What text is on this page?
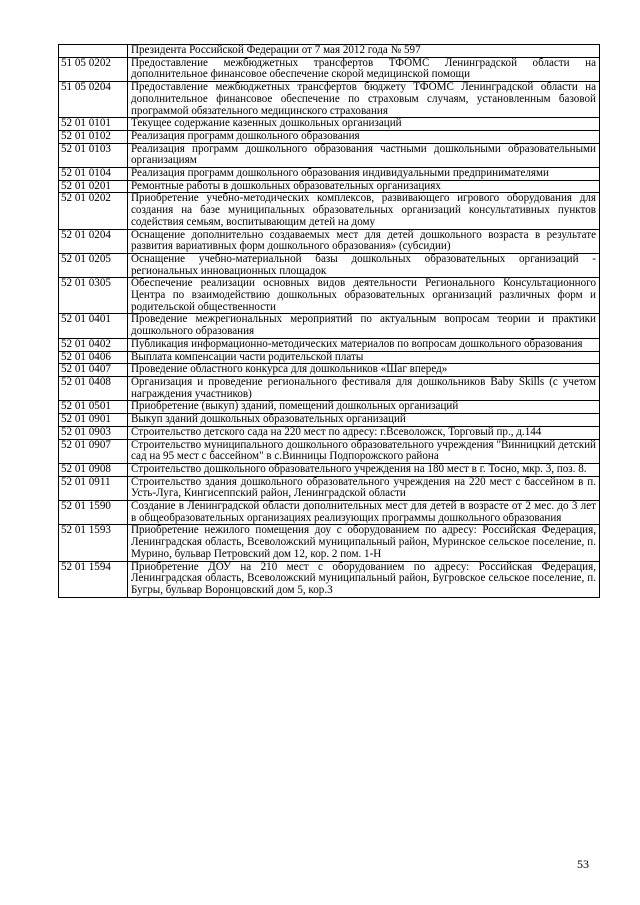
	Президента Российской Федерации от 7 мая 2012 года № 597
51 05 0202	Предоставление межбюджетных трансфертов ТФОМС Ленинградской области на дополнительное финансовое обеспечение скорой медицинской помощи
51 05 0204	Предоставление межбюджетных трансфертов бюджету ТФОМС Ленинградской области на дополнительное финансовое обеспечение по страховым случаям, установленным базовой программой обязательного медицинского страхования
52 01 0101	Текущее содержание казенных дошкольных организаций
52 01 0102	Реализация программ дошкольного образования
52 01 0103	Реализация программ дошкольного образования частными дошкольными образовательными организациям
52 01 0104	Реализация программ дошкольного образования индивидуальными предпринимателями
52 01 0201	Ремонтные работы в дошкольных образовательных организациях
52 01 0202	Приобретение учебно-методических комплексов, развивающего игрового оборудования для создания на базе муниципальных образовательных организаций консультативных пунктов содействия семьям, воспитывающим детей на дому
52 01 0204	Оснащение дополнительно создаваемых мест для детей дошкольного возраста в результате развития вариативных форм дошкольного образования» (субсидии)
52 01 0205	Оснащение учебно-материальной базы дошкольных образовательных организаций - региональных инновационных площадок
52 01 0305	Обеспечение реализации основных видов деятельности Регионального Консультационного Центра по взаимодействию дошкольных образовательных организаций различных форм и родительской общественности
52 01 0401	Проведение межрегиональных мероприятий по актуальным вопросам теории и практики дошкольного образования
52 01 0402	Публикация информационно-методических материалов по вопросам дошкольного образования
52 01 0406	Выплата компенсации части родительской платы
52 01 0407	Проведение областного конкурса для дошкольников «Шаг вперед»
52 01 0408	Организация и проведение регионального фестиваля для дошкольников Baby Skills (с учетом награждения участников)
52 01 0501	Приобретение (выкуп) зданий, помещений дошкольных организаций
52 01 0901	Выкуп зданий дошкольных образовательных организаций
52 01 0903	Строительство детского сада на 220 мест по адресу: г.Всеволожск, Торговый пр., д.144
52 01 0907	Строительство муниципального дошкольного образовательного учреждения "Винницкий детский сад на 95 мест с бассейном" в с.Винницы Подпорожского района
52 01 0908	Строительство дошкольного образовательного учреждения на 180 мест в г. Тосно, мкр. 3, поз. 8.
52 01 0911	Строительство здания дошкольного образовательного учреждения на 220 мест с бассейном в п. Усть-Луга, Кингисеппский район, Ленинградской области
52 01 1590	Создание в Ленинградской области дополнительных мест для детей в возрасте от 2 мес. до 3 лет в общеобразовательных организациях реализующих программы дошкольного образования
52 01 1593	Приобретение нежилого помещения доу с оборудованием по адресу: Российская Федерация, Ленинградская область, Всеволожский муниципальный район, Муринское сельское поселение, п. Мурино, бульвар Петровский дом 12, кор. 2 пом. 1-Н
52 01 1594	Приобретение ДОУ на 210 мест с оборудованием по адресу: Российская Федерация, Ленинградская область, Всеволожский муниципальный район, Бугровское сельское поселение, п. Бугры, бульвар Воронцовский дом 5, кор.3
53
